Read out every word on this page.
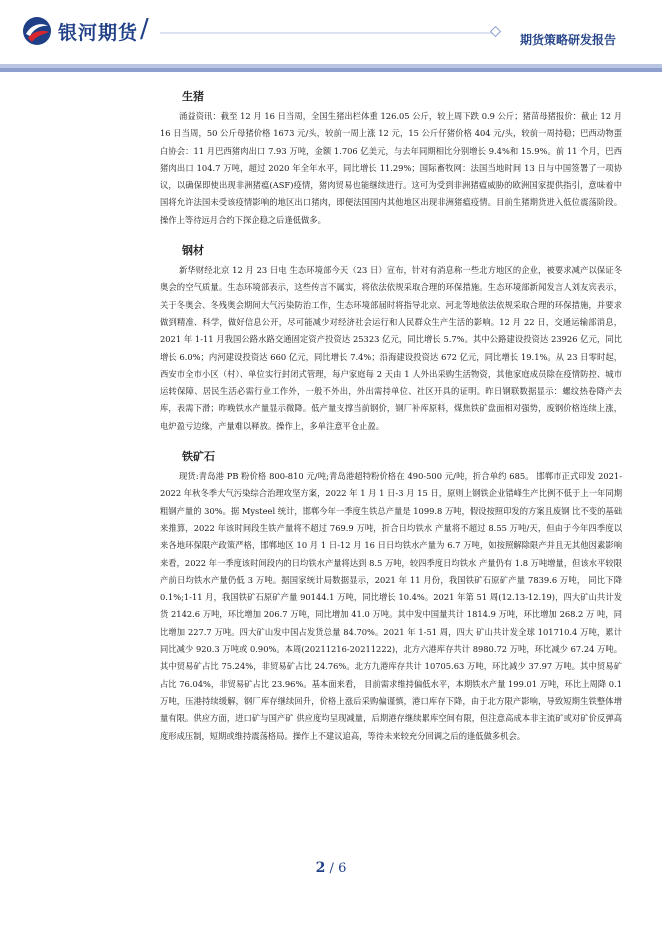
银河期货 /	期货策略研发报告
生猪

涌益资讯：截至 12 月 16 日当周，全国生猪出栏体重 126.05 公斤，较上周下跌 0.9 公斤；猪苗母猪报价：截止 12 月 16 日当周，50 公斤母猪价格 1673 元/头，较前一周上涨 12 元，15 公斤仔猪价格 404 元/头，较前一周持稳；巴西动物蛋白协会：11 月巴西猪肉出口 7.93 万吨，金额 1.706 亿美元，与去年同期相比分别增长 9.4%和 15.9%。前 11 个月，巴西猪肉出口 104.7 万吨，超过 2020 年全年水平，同比增长 11.29%；国际畜牧网：法国当地时间 13 日与中国签署了一项协议，以确保即使出现非洲猪瘟(ASF)疫情，猪肉贸易也能继续进行。这可为受到非洲猪瘟威胁的欧洲国家提供指引，意味着中国将允许法国未受该疫情影响的地区出口猪肉，即便法国国内其他地区出现非洲猪瘟疫情。目前生猪期货进入低位震荡阶段。操作上等待远月合约下探企稳之后逢低做多。

钢材

新华财经北京 12 月 23 日电 生态环境部今天（23 日）宣布，针对有消息称一些北方地区的企业，被要求减产以保证冬奥会的空气质量。生态环境部表示，这些传言不属实，将依法依规采取合理的环保措施。生态环境部新闻发言人刘友宾表示，关于冬奥会、冬残奥会期间大气污染防治工作，生态环境部届时将指导北京、河北等地依法依规采取合理的环保措施，并要求做到精准、科学，做好信息公开，尽可能减少对经济社会运行和人民群众生产生活的影响。12 月 22 日，交通运输部消息，2021 年 1-11 月我国公路水路交通固定资产投资达 25323 亿元，同比增长 5.7%。其中公路建设投资达 23926 亿元，同比增长 6.0%；内河建设投资达 660 亿元，同比增长 7.4%；沿海建设投资达 672 亿元，同比增长 19.1%。从 23 日零时起，西安市全市小区（村）、单位实行封闭式管理，每户家庭每 2 天由 1 人外出采购生活物资，其他家庭成员除在疫情防控、城市运转保障、居民生活必需行业工作外，一般不外出，外出需持单位、社区开具的证明。昨日钢联数据显示：螺纹热卷降产去库，表需下滑；昨晚铁水产量显示微降。低产量支撑当前钢价，钢厂补库原料，煤焦铁矿盘面相对强势，废钢价格连续上涨，电炉盈亏边缘，产量难以释放。操作上，多单注意平仓止盈。

铁矿石

现货:青岛港 PB 粉价格 800-810 元/吨;青岛港超特粉价格在 490-500 元/吨，折合单约 685。 邯郸市正式印发 2021-2022 年秋冬季大气污染综合治理攻坚方案，2022 年 1 月 1 日-3 月 15 日，原则上钢铁企业错峰生产比例不低于上一年同期粗钢产量的 30%。据 Mysteel 统计，邯郸今年一季度生铁总产量是 1099.8 万吨，假设按照印发的方案且废钢 比不变的基础来推算，2022 年该时间段生铁产量将不超过 769.9 万吨，折合日均铁水 产量将不超过 8.55 万吨/天，但由于今年四季度以来各地环保限产政策严格，邯郸地区 10 月 1 日-12 月 16 日日均铁水产量为 6.7 万吨，如按照解除限产并且无其他因素影响 来看，2022 年一季度该时间段内的日均铁水产量将达到 8.5 万吨，较四季度日均铁水 产量仍有 1.8 万吨增量，但该水平较限产前日均铁水产量仍低 3 万吨。据国家统计局数据显示，2021 年 11 月份，我国铁矿石原矿产量 7839.6 万吨， 同比下降 0.1%;1-11 月，我国铁矿石原矿产量 90144.1 万吨，同比增长 10.4%。2021 年第 51 周(12.13-12.19)，四大矿山共计发货 2142.6 万吨，环比增加 206.7 万吨，同比增加 41.0 万吨。其中发中国量共计 1814.9 万吨，环比增加 268.2 万 吨，同比增加 227.7 万吨。四大矿山发中国占发货总量 84.70%。2021 年 1-51 周，四大 矿山共计发全球 101710.4 万吨，累计同比减少 920.3 万吨或 0.90%。本周(20211216-20211222)，北方六港库存共计 8980.72 万吨，环比减少 67.24 万吨。其中贸易矿占比 75.24%，非贸易矿占比 24.76%。北方九港库存共计 10705.63 万吨，环比减少 37.97 万吨。其中贸易矿占比 76.04%，非贸易矿占比 23.96%。基本面来看， 目前需求维持偏低水平，本期铁水产量 199.01 万吨，环比上周降 0.1 万吨，压港持续缓解，钢厂库存继续回升，价格上涨后采购偏谨慎，港口库存下降，由于北方限产影响，导致短期生铁整体增量有限。供应方面，进口矿与国产矿 供应度均呈现减量，后期港存继续累库空间有限，但注意高成本非主流矿或对矿价反弹高度形成压制，短期或维持震荡格局。操作上不建议追高，等待未来较充分回调之后的逢低做多机会。

2 / 6
